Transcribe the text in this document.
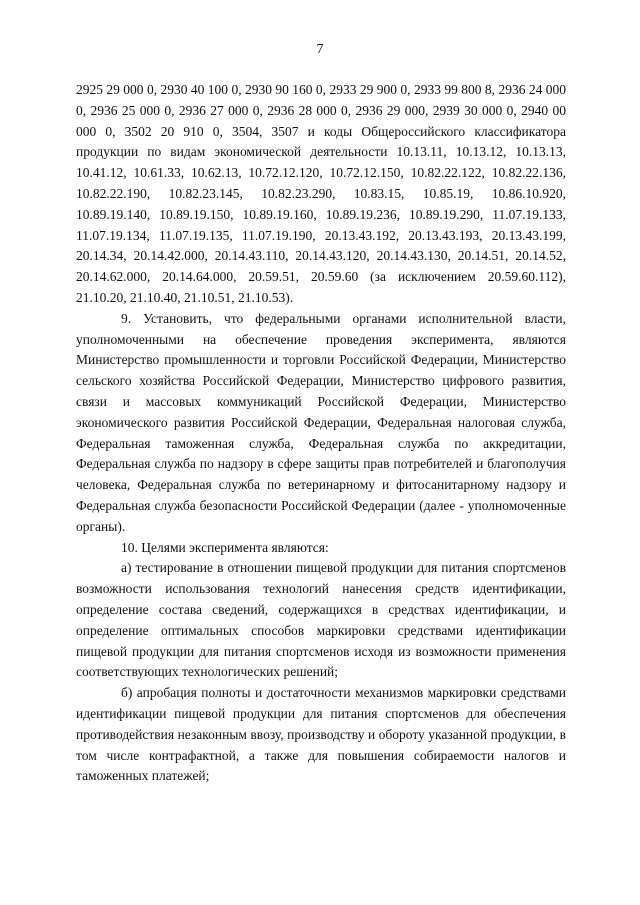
7

2925 29 000 0, 2930 40 100 0, 2930 90 160 0, 2933 29 900 0, 2933 99 800 8, 2936 24 000 0, 2936 25 000 0, 2936 27 000 0, 2936 28 000 0, 2936 29 000, 2939 30 000 0, 2940 00 000 0, 3502 20 910 0, 3504, 3507 и коды Общероссийского классификатора продукции по видам экономической деятельности 10.13.11, 10.13.12, 10.13.13, 10.41.12, 10.61.33, 10.62.13, 10.72.12.120, 10.72.12.150, 10.82.22.122, 10.82.22.136, 10.82.22.190, 10.82.23.145, 10.82.23.290, 10.83.15, 10.85.19, 10.86.10.920, 10.89.19.140, 10.89.19.150, 10.89.19.160, 10.89.19.236, 10.89.19.290, 11.07.19.133, 11.07.19.134, 11.07.19.135, 11.07.19.190, 20.13.43.192, 20.13.43.193, 20.13.43.199, 20.14.34, 20.14.42.000, 20.14.43.110, 20.14.43.120, 20.14.43.130, 20.14.51, 20.14.52, 20.14.62.000, 20.14.64.000, 20.59.51, 20.59.60 (за исключением 20.59.60.112), 21.10.20, 21.10.40, 21.10.51, 21.10.53).

9. Установить, что федеральными органами исполнительной власти, уполномоченными на обеспечение проведения эксперимента, являются Министерство промышленности и торговли Российской Федерации, Министерство сельского хозяйства Российской Федерации, Министерство цифрового развития, связи и массовых коммуникаций Российской Федерации, Министерство экономического развития Российской Федерации, Федеральная налоговая служба, Федеральная таможенная служба, Федеральная служба по аккредитации, Федеральная служба по надзору в сфере защиты прав потребителей и благополучия человека, Федеральная служба по ветеринарному и фитосанитарному надзору и Федеральная служба безопасности Российской Федерации (далее - уполномоченные органы).

10. Целями эксперимента являются:

а) тестирование в отношении пищевой продукции для питания спортсменов возможности использования технологий нанесения средств идентификации, определение состава сведений, содержащихся в средствах идентификации, и определение оптимальных способов маркировки средствами идентификации пищевой продукции для питания спортсменов исходя из возможности применения соответствующих технологических решений;

б) апробация полноты и достаточности механизмов маркировки средствами идентификации пищевой продукции для питания спортсменов для обеспечения противодействия незаконным ввозу, производству и обороту указанной продукции, в том числе контрафактной, а также для повышения собираемости налогов и таможенных платежей;
